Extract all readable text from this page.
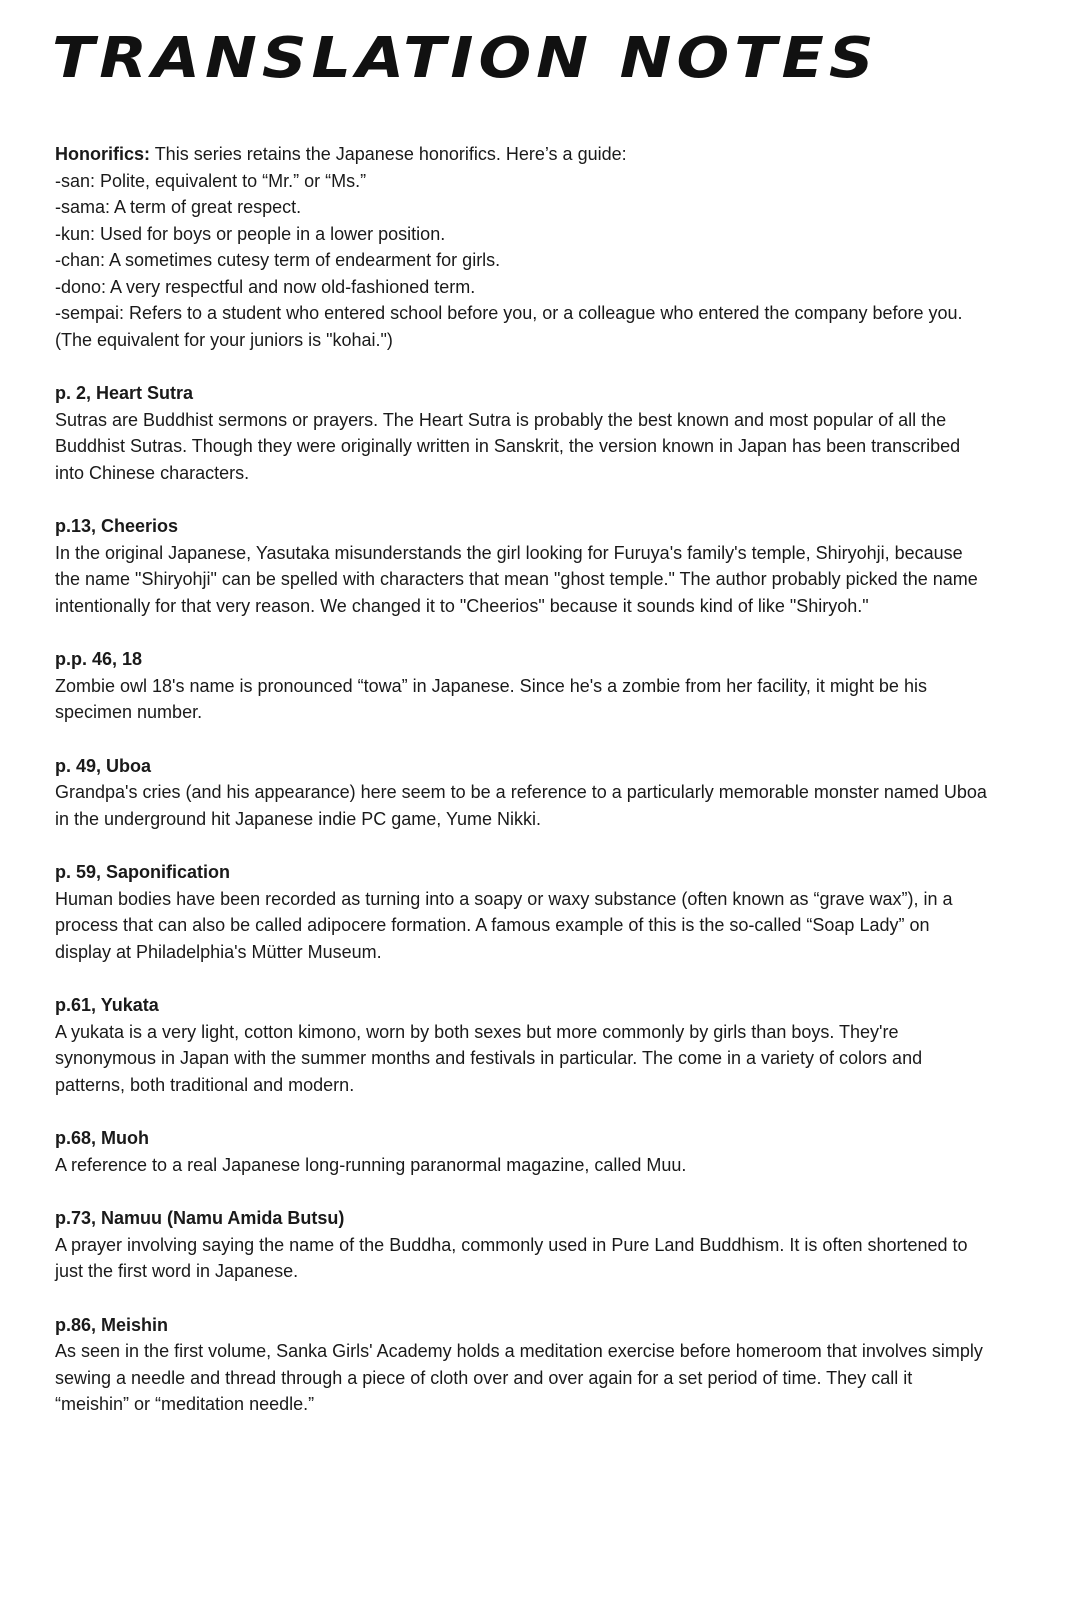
TRANSLATION NOTES

Honorifics: This series retains the Japanese honorifics. Here’s a guide:

-san: Polite, equivalent to “Mr.” or “Ms.”
-sama: A term of great respect.
-kun: Used for boys or people in a lower position.
-chan: A sometimes cutesy term of endearment for girls.
-dono: A very respectful and now old-fashioned term.
-sempai: Refers to a student who entered school before you, or a colleague who entered the company before you. (The equivalent for your juniors is "kohai.")

p. 2, Heart Sutra

Sutras are Buddhist sermons or prayers. The Heart Sutra is probably the best known and most popular of all the Buddhist Sutras. Though they were originally written in Sanskrit, the version known in Japan has been transcribed into Chinese characters.

p.13, Cheerios

In the original Japanese, Yasutaka misunderstands the girl looking for Furuya's family's temple, Shiryohji, because the name "Shiryohji" can be spelled with characters that mean "ghost temple." The author probably picked the name intentionally for that very reason. We changed it to "Cheerios" because it sounds kind of like "Shiryoh."

p.p. 46, 18

Zombie owl 18's name is pronounced “towa” in Japanese. Since he's a zombie from her facility, it might be his specimen number.

p. 49, Uboa

Grandpa's cries (and his appearance) here seem to be a reference to a particularly memorable monster named Uboa in the underground hit Japanese indie PC game, Yume Nikki.

p. 59, Saponification

Human bodies have been recorded as turning into a soapy or waxy substance (often known as “grave wax”), in a process that can also be called adipocere formation. A famous example of this is the so-called “Soap Lady” on display at Philadelphia's Mütter Museum.

p.61, Yukata

A yukata is a very light, cotton kimono, worn by both sexes but more commonly by girls than boys. They're synonymous in Japan with the summer months and festivals in particular. The come in a variety of colors and patterns, both traditional and modern.

p.68, Muoh

A reference to a real Japanese long-running paranormal magazine, called Muu.

p.73, Namuu (Namu Amida Butsu)

A prayer involving saying the name of the Buddha, commonly used in Pure Land Buddhism. It is often shortened to just the first word in Japanese.

p.86, Meishin

As seen in the first volume, Sanka Girls' Academy holds a meditation exercise before homeroom that involves simply sewing a needle and thread through a piece of cloth over and over again for a set period of time. They call it “meishin” or “meditation needle.”
